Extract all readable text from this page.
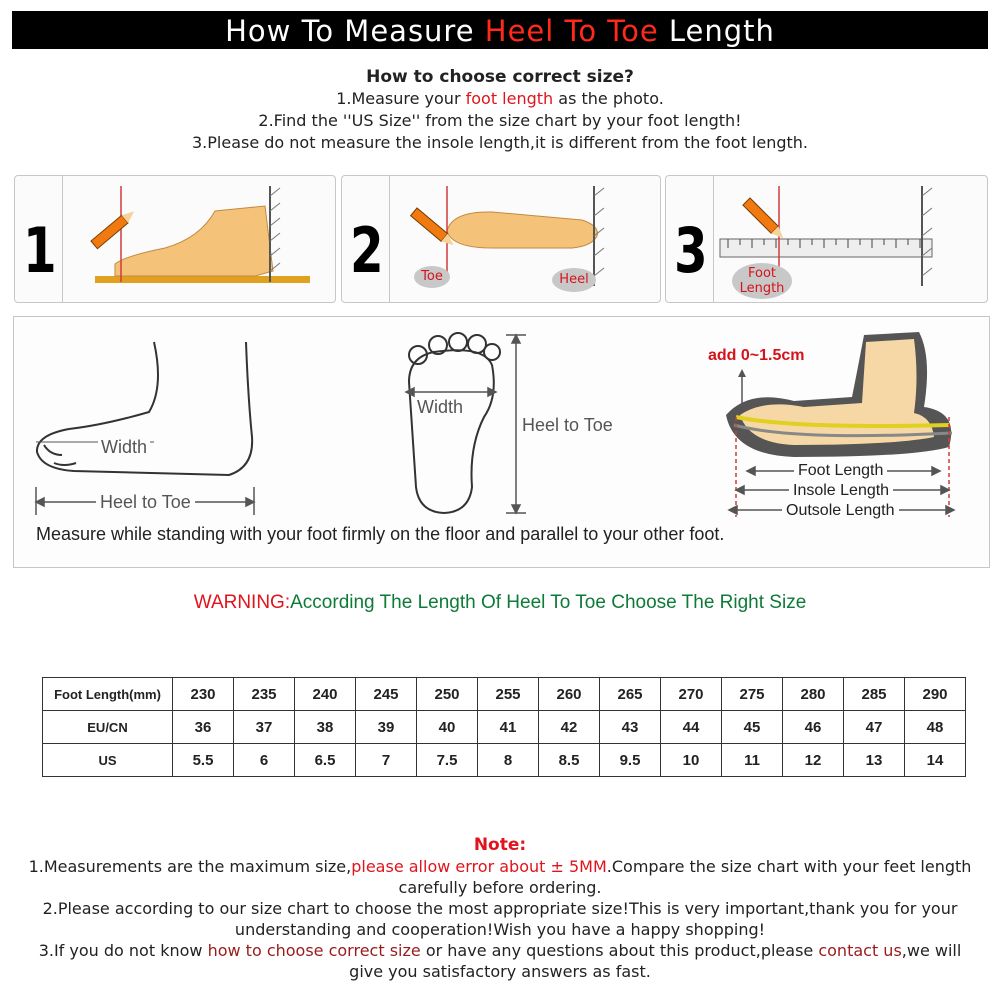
How To Measure Heel To Toe Length
How to choose correct size?
1.Measure your foot length as the photo.
2.Find the ''US Size'' from the size chart by your foot length!
3.Please do not measure the insole length,it is different from the foot length.
1	2	Toe	Heel 3	Foot
Length
Width
Heel to Toe
Width
Heel to Toe
add 0~1.5cm
Foot Length
Insole Length
Outsole Length
Measure while standing with your foot firmly on the floor and parallel to your other foot.
WARNING:According The Length Of Heel To Toe Choose The Right Size
Foot Length(mm)	230	235	240	245	250	255	260	265	270	275	280	285	290
EU/CN	36	37	38	39	40	41	42	43	44	45	46	47	48
US	5.5	6	6.5	7	7.5	8	8.5	9.5	10	11	12	13	14
Note:
1.Measurements are the maximum size,please allow error about ± 5MM.Compare the size chart with your feet length carefully before ordering.
2.Please according to our size chart to choose the most appropriate size!This is very important,thank you for your understanding and cooperation!Wish you have a happy shopping!
3.If you do not know how to choose correct size or have any questions about this product,please contact us,we will give you satisfactory answers as fast.
